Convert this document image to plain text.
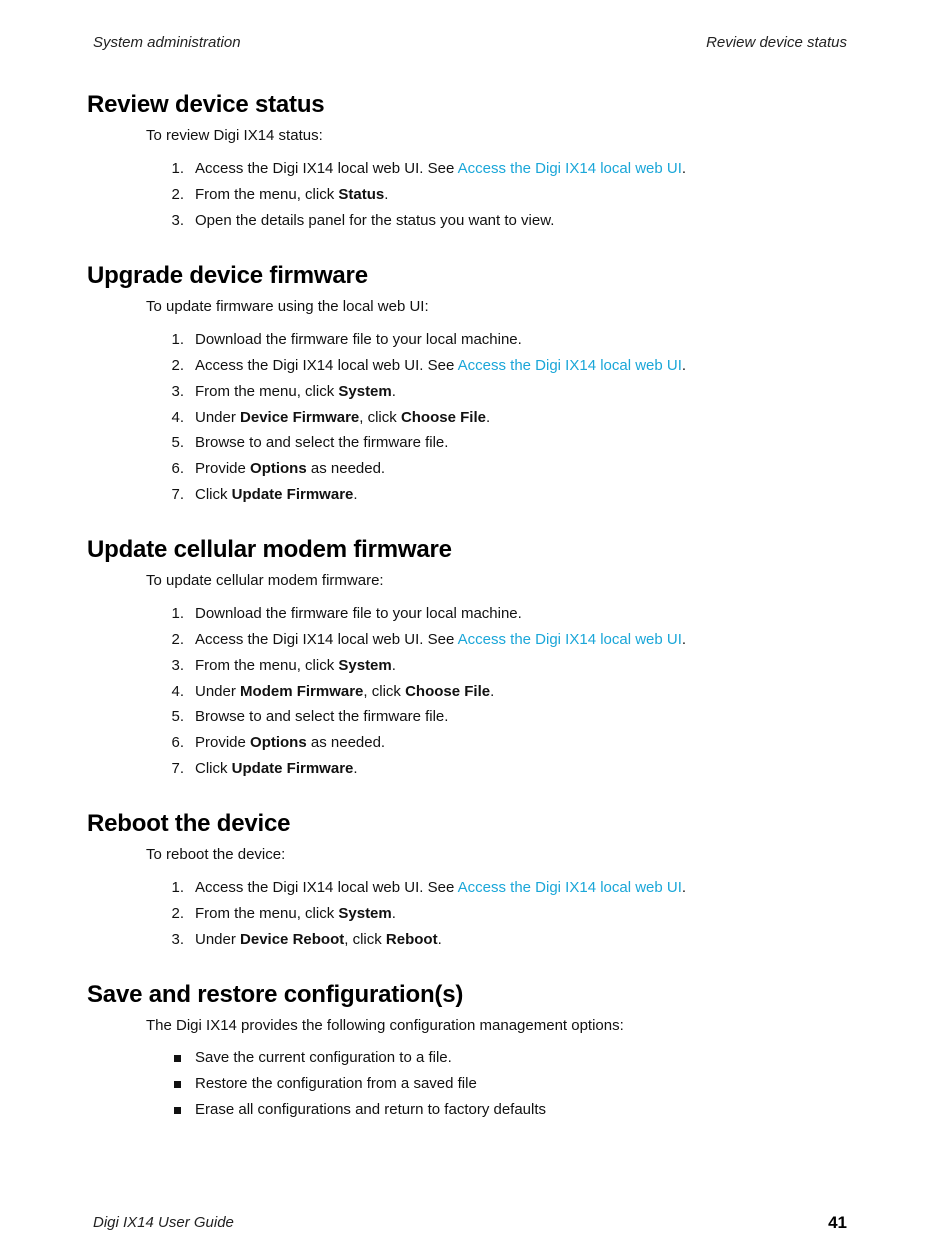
System administration	Review device status
Review device status
To review Digi IX14 status:
1. Access the Digi IX14 local web UI. See Access the Digi IX14 local web UI.
2. From the menu, click Status.
3. Open the details panel for the status you want to view.
Upgrade device firmware
To update firmware using the local web UI:
1. Download the firmware file to your local machine.
2. Access the Digi IX14 local web UI. See Access the Digi IX14 local web UI.
3. From the menu, click System.
4. Under Device Firmware, click Choose File.
5. Browse to and select the firmware file.
6. Provide Options as needed.
7. Click Update Firmware.
Update cellular modem firmware
To update cellular modem firmware:
1. Download the firmware file to your local machine.
2. Access the Digi IX14 local web UI. See Access the Digi IX14 local web UI.
3. From the menu, click System.
4. Under Modem Firmware, click Choose File.
5. Browse to and select the firmware file.
6. Provide Options as needed.
7. Click Update Firmware.
Reboot the device
To reboot the device:
1. Access the Digi IX14 local web UI. See Access the Digi IX14 local web UI.
2. From the menu, click System.
3. Under Device Reboot, click Reboot.
Save and restore configuration(s)
The Digi IX14 provides the following configuration management options:
Save the current configuration to a file.
Restore the configuration from a saved file
Erase all configurations and return to factory defaults
Digi IX14 User Guide	41
